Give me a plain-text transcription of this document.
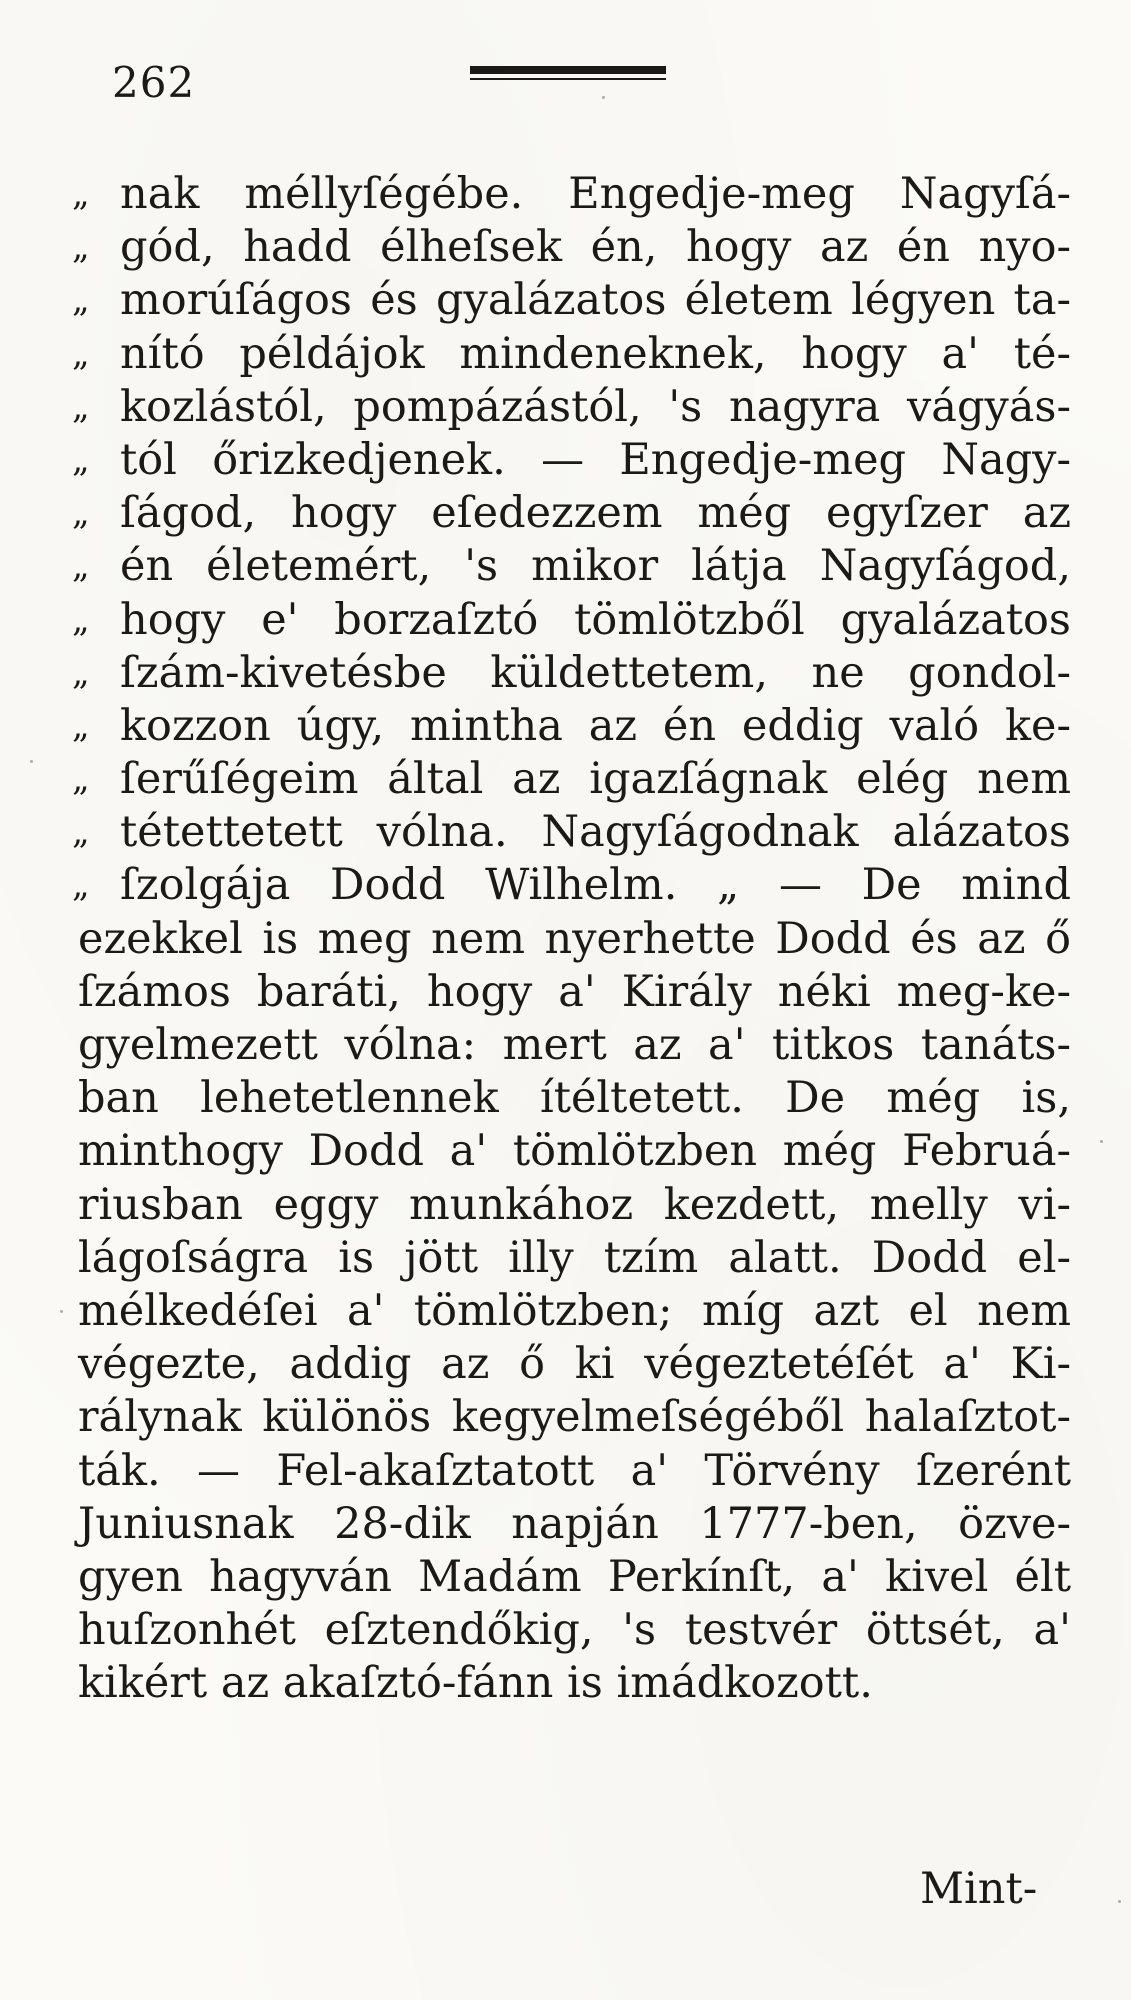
262
„ nak méllyſégébe. Engedje-meg Nagyſá-
„ gód, hadd élheſsek én, hogy az én nyo-
„ morúſágos és gyalázatos életem légyen ta-
„ nító példájok mindeneknek, hogy a' té-
„ kozlástól, pompázástól, 's nagyra vágyás-
„ tól őrizkedjenek. — Engedje-meg Nagy-
„ ſágod, hogy eſedezzem még egyſzer az
„ én életemért, 's mikor látja Nagyſágod,
„ hogy e' borzaſztó tömlötzből gyalázatos
„ ſzám-kivetésbe küldettetem, ne gondol-
„ kozzon úgy, mintha az én eddig való ke-
„ ſerűſégeim által az igazſágnak elég nem
„ tétettetett vólna. Nagyſágodnak alázatos
„ ſzolgája Dodd Wilhelm. „ — De mind
ezekkel is meg nem nyerhette Dodd és az ő
ſzámos baráti, hogy a' Király néki meg-ke-
gyelmezett vólna: mert az a' titkos tanáts-
ban lehetetlennek ítéltetett. De még is,
minthogy Dodd a' tömlötzben még Februá-
riusban eggy munkához kezdett, melly vi-
lágoſságra is jött illy tzím alatt. Dodd el-
mélkedéſei a' tömlötzben; míg azt el nem
végezte, addig az ő ki végeztetéſét a' Ki-
rálynak különös kegyelmeſségéből halaſztot-
ták. — Fel-akaſztatott a' Törvény ſzerént
Juniusnak 28-dik napján 1777-ben, özve-
gyen hagyván Madám Perkínſt, a' kivel élt
huſzonhét eſztendőkig, 's testvér öttsét, a'
kikért az akaſztó-fánn is imádkozott.
Mint-
